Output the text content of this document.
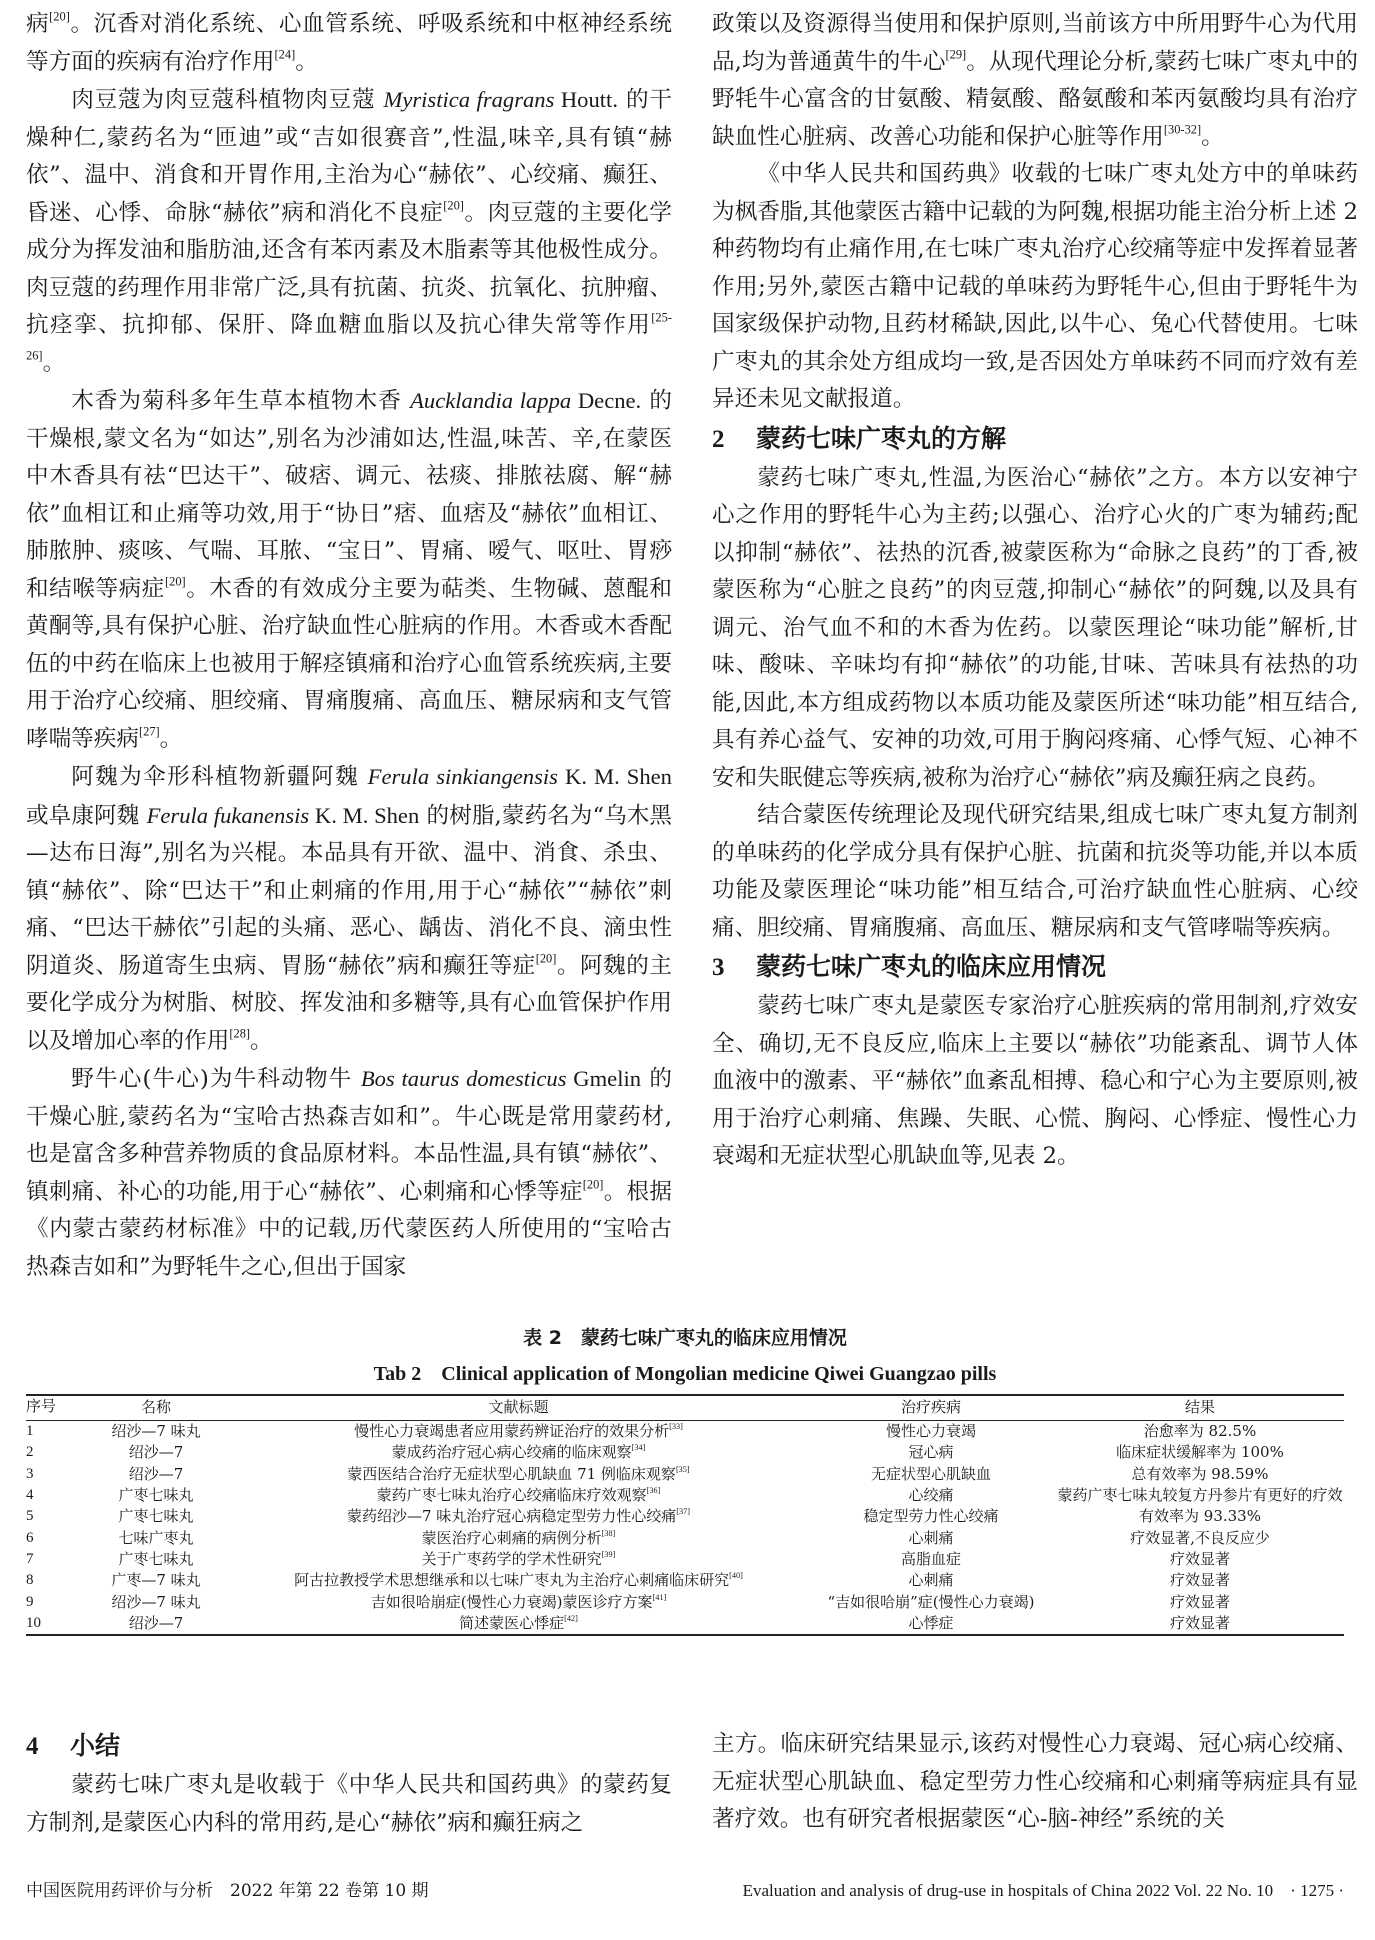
病[20]。沉香对消化系统、心血管系统、呼吸系统和中枢神经系统等方面的疾病有治疗作用[24]。

肉豆蔻为肉豆蔻科植物肉豆蔻 Myristica fragrans Houtt. 的干燥种仁,蒙药名为“匝迪”或“吉如很赛音”,性温,味辛,具有镇“赫依”、温中、消食和开胃作用,主治为心“赫依”、心绞痛、癫狂、昏迷、心悸、命脉“赫依”病和消化不良症[20]。肉豆蔻的主要化学成分为挥发油和脂肪油,还含有苯丙素及木脂素等其他极性成分。肉豆蔻的药理作用非常广泛,具有抗菌、抗炎、抗氧化、抗肿瘤、抗痉挛、抗抑郁、保肝、降血糖血脂以及抗心律失常等作用[25-26]。

木香为菊科多年生草本植物木香 Aucklandia lappa Decne. 的干燥根,蒙文名为“如达”,别名为沙浦如达,性温,味苦、辛,在蒙医中木香具有祛“巴达干”、破痞、调元、祛痰、排脓祛腐、解“赫依”血相讧和止痛等功效,用于“协日”痞、血痞及“赫依”血相讧、肺脓肿、痰咳、气喘、耳脓、“宝日”、胃痛、嗳气、呕吐、胃痧和结喉等病症[20]。木香的有效成分主要为萜类、生物碱、蒽醌和黄酮等,具有保护心脏、治疗缺血性心脏病的作用。木香或木香配伍的中药在临床上也被用于解痉镇痛和治疗心血管系统疾病,主要用于治疗心绞痛、胆绞痛、胃痛腹痛、高血压、糖尿病和支气管哮喘等疾病[27]。

阿魏为伞形科植物新疆阿魏 Ferula sinkiangensis K. M. Shen 或阜康阿魏 Ferula fukanensis K. M. Shen 的树脂,蒙药名为“乌木黑—达布日海”,别名为兴棍。本品具有开欲、温中、消食、杀虫、镇“赫依”、除“巴达干”和止刺痛的作用,用于心“赫依”“赫依”刺痛、“巴达干赫依”引起的头痛、恶心、龋齿、消化不良、滴虫性阴道炎、肠道寄生虫病、胃肠“赫依”病和癫狂等症[20]。阿魏的主要化学成分为树脂、树胶、挥发油和多糖等,具有心血管保护作用以及增加心率的作用[28]。

野牛心(牛心)为牛科动物牛 Bos taurus domesticus Gmelin 的干燥心脏,蒙药名为“宝哈古热森吉如和”。牛心既是常用蒙药材,也是富含多种营养物质的食品原材料。本品性温,具有镇“赫依”、镇刺痛、补心的功能,用于心“赫依”、心刺痛和心悸等症[20]。根据《内蒙古蒙药材标准》中的记载,历代蒙医药人所使用的“宝哈古热森吉如和”为野牦牛之心,但出于国家

政策以及资源得当使用和保护原则,当前该方中所用野牛心为代用品,均为普通黄牛的牛心[29]。从现代理论分析,蒙药七味广枣丸中的野牦牛心富含的甘氨酸、精氨酸、酪氨酸和苯丙氨酸均具有治疗缺血性心脏病、改善心功能和保护心脏等作用[30-32]。

《中华人民共和国药典》收载的七味广枣丸处方中的单味药为枫香脂,其他蒙医古籍中记载的为阿魏,根据功能主治分析上述 2 种药物均有止痛作用,在七味广枣丸治疗心绞痛等症中发挥着显著作用;另外,蒙医古籍中记载的单味药为野牦牛心,但由于野牦牛为国家级保护动物,且药材稀缺,因此,以牛心、兔心代替使用。七味广枣丸的其余处方组成均一致,是否因处方单味药不同而疗效有差异还未见文献报道。

2 蒙药七味广枣丸的方解

蒙药七味广枣丸,性温,为医治心“赫依”之方。本方以安神宁心之作用的野牦牛心为主药;以强心、治疗心火的广枣为辅药;配以抑制“赫依”、祛热的沉香,被蒙医称为“命脉之良药”的丁香,被蒙医称为“心脏之良药”的肉豆蔻,抑制心“赫依”的阿魏,以及具有调元、治气血不和的木香为佐药。以蒙医理论“味功能”解析,甘味、酸味、辛味均有抑“赫依”的功能,甘味、苦味具有祛热的功能,因此,本方组成药物以本质功能及蒙医所述“味功能”相互结合,具有养心益气、安神的功效,可用于胸闷疼痛、心悸气短、心神不安和失眠健忘等疾病,被称为治疗心“赫依”病及癫狂病之良药。

结合蒙医传统理论及现代研究结果,组成七味广枣丸复方制剂的单味药的化学成分具有保护心脏、抗菌和抗炎等功能,并以本质功能及蒙医理论“味功能”相互结合,可治疗缺血性心脏病、心绞痛、胆绞痛、胃痛腹痛、高血压、糖尿病和支气管哮喘等疾病。

3 蒙药七味广枣丸的临床应用情况

蒙药七味广枣丸是蒙医专家治疗心脏疾病的常用制剂,疗效安全、确切,无不良反应,临床上主要以“赫依”功能紊乱、调节人体血液中的激素、平“赫依”血紊乱相搏、稳心和宁心为主要原则,被用于治疗心刺痛、焦躁、失眠、心慌、胸闷、心悸症、慢性心力衰竭和无症状型心肌缺血等,见表 2。

表 2　蒙药七味广枣丸的临床应用情况
Tab 2　Clinical application of Mongolian medicine Qiwei Guangzao pills
序号	名称	文献标题	治疗疾病	结果
1	绍沙—7 味丸	慢性心力衰竭患者应用蒙药辨证治疗的效果分析[33]	慢性心力衰竭	治愈率为 82.5%
2	绍沙—7	蒙成药治疗冠心病心绞痛的临床观察[34]	冠心病	临床症状缓解率为 100%
3	绍沙—7	蒙西医结合治疗无症状型心肌缺血 71 例临床观察[35]	无症状型心肌缺血	总有效率为 98.59%
4	广枣七味丸	蒙药广枣七味丸治疗心绞痛临床疗效观察[36]	心绞痛	蒙药广枣七味丸较复方丹参片有更好的疗效
5	广枣七味丸	蒙药绍沙—7 味丸治疗冠心病稳定型劳力性心绞痛[37]	稳定型劳力性心绞痛	有效率为 93.33%
6	七味广枣丸	蒙医治疗心刺痛的病例分析[38]	心刺痛	疗效显著,不良反应少
7	广枣七味丸	关于广枣药学的学术性研究[39]	高脂血症	疗效显著
8	广枣—7 味丸	阿古拉教授学术思想继承和以七味广枣丸为主治疗心刺痛临床研究[40]	心刺痛	疗效显著
9	绍沙—7 味丸	吉如很哈崩症(慢性心力衰竭)蒙医诊疗方案[41]	“吉如很哈崩”症(慢性心力衰竭)	疗效显著
10	绍沙—7	简述蒙医心悸症[42]	心悸症	疗效显著
4 小结

蒙药七味广枣丸是收载于《中华人民共和国药典》的蒙药复方制剂,是蒙医心内科的常用药,是心“赫依”病和癫狂病之

主方。临床研究结果显示,该药对慢性心力衰竭、冠心病心绞痛、无症状型心肌缺血、稳定型劳力性心绞痛和心刺痛等病症具有显著疗效。也有研究者根据蒙医“心-脑-神经”系统的关

中国医院用药评价与分析　2022 年第 22 卷第 10 期	Evaluation and analysis of drug-use in hospitals of China 2022 Vol. 22 No. 10　· 1275 ·
